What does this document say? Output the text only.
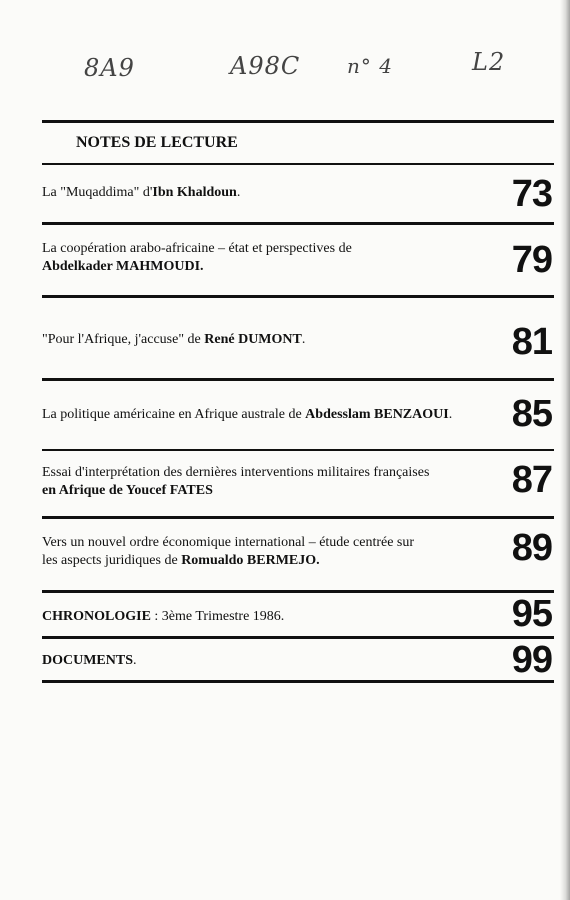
8A9	A98C n° 4	L2
NOTES DE LECTURE
La "Muqaddima" d'Ibn Khaldoun.	73
La coopération arabo-africaine – état et perspectives de
Abdelkader MAHMOUDI.	79
"Pour l'Afrique, j'accuse" de René DUMONT.	81
La politique américaine en Afrique australe de Abdesslam BENZAOUI.	85
Essai d'interprétation des dernières interventions militaires françaises
en Afrique de Youcef FATES	87
Vers un nouvel ordre économique international – étude centrée sur
les aspects juridiques de Romualdo BERMEJO.	89
CHRONOLOGIE : 3ème Trimestre 1986.	95
DOCUMENTS.	99
